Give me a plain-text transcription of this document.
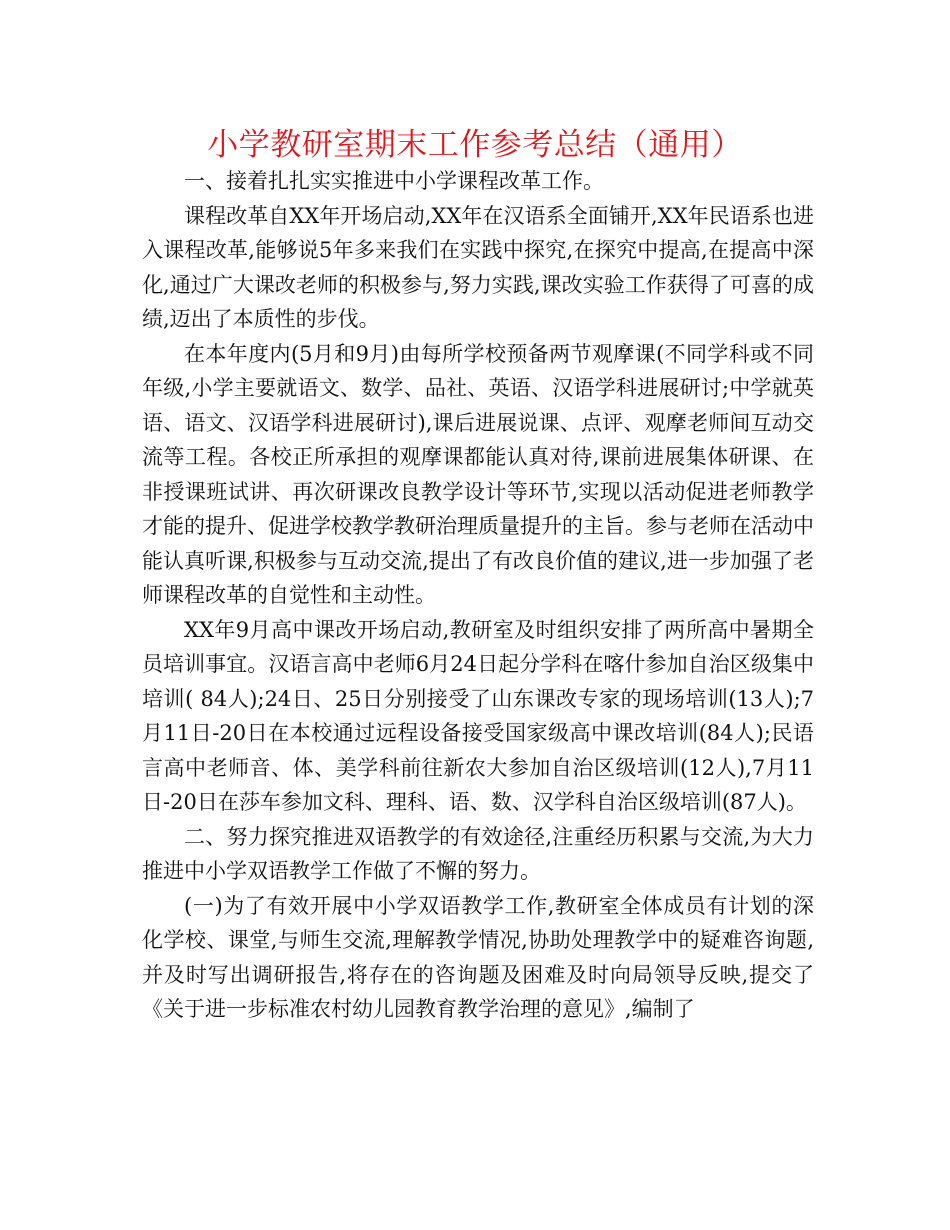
小学教研室期末工作参考总结（通用）

一、接着扎扎实实推进中小学课程改革工作。

课程改革自XX年开场启动,XX年在汉语系全面铺开,XX年民语系也进入课程改革,能够说5年多来我们在实践中探究,在探究中提高,在提高中深化,通过广大课改老师的积极参与,努力实践,课改实验工作获得了可喜的成绩,迈出了本质性的步伐。

在本年度内(5月和9月)由每所学校预备两节观摩课(不同学科或不同年级,小学主要就语文、数学、品社、英语、汉语学科进展研讨;中学就英语、语文、汉语学科进展研讨),课后进展说课、点评、观摩老师间互动交流等工程。各校正所承担的观摩课都能认真对待,课前进展集体研课、在非授课班试讲、再次研课改良教学设计等环节,实现以活动促进老师教学才能的提升、促进学校教学教研治理质量提升的主旨。参与老师在活动中能认真听课,积极参与互动交流,提出了有改良价值的建议,进一步加强了老师课程改革的自觉性和主动性。

XX年9月高中课改开场启动,教研室及时组织安排了两所高中暑期全员培训事宜。汉语言高中老师6月24日起分学科在喀什参加自治区级集中培训( 84人);24日、25日分别接受了山东课改专家的现场培训(13人);7月11日-20日在本校通过远程设备接受国家级高中课改培训(84人);民语言高中老师音、体、美学科前往新农大参加自治区级培训(12人),7月11日-20日在莎车参加文科、理科、语、数、汉学科自治区级培训(87人)。

二、努力探究推进双语教学的有效途径,注重经历积累与交流,为大力推进中小学双语教学工作做了不懈的努力。

(一)为了有效开展中小学双语教学工作,教研室全体成员有计划的深化学校、课堂,与师生交流,理解教学情况,协助处理教学中的疑难咨询题,并及时写出调研报告,将存在的咨询题及困难及时向局领导反映,提交了《关于进一步标准农村幼儿园教育教学治理的意见》,编制了
